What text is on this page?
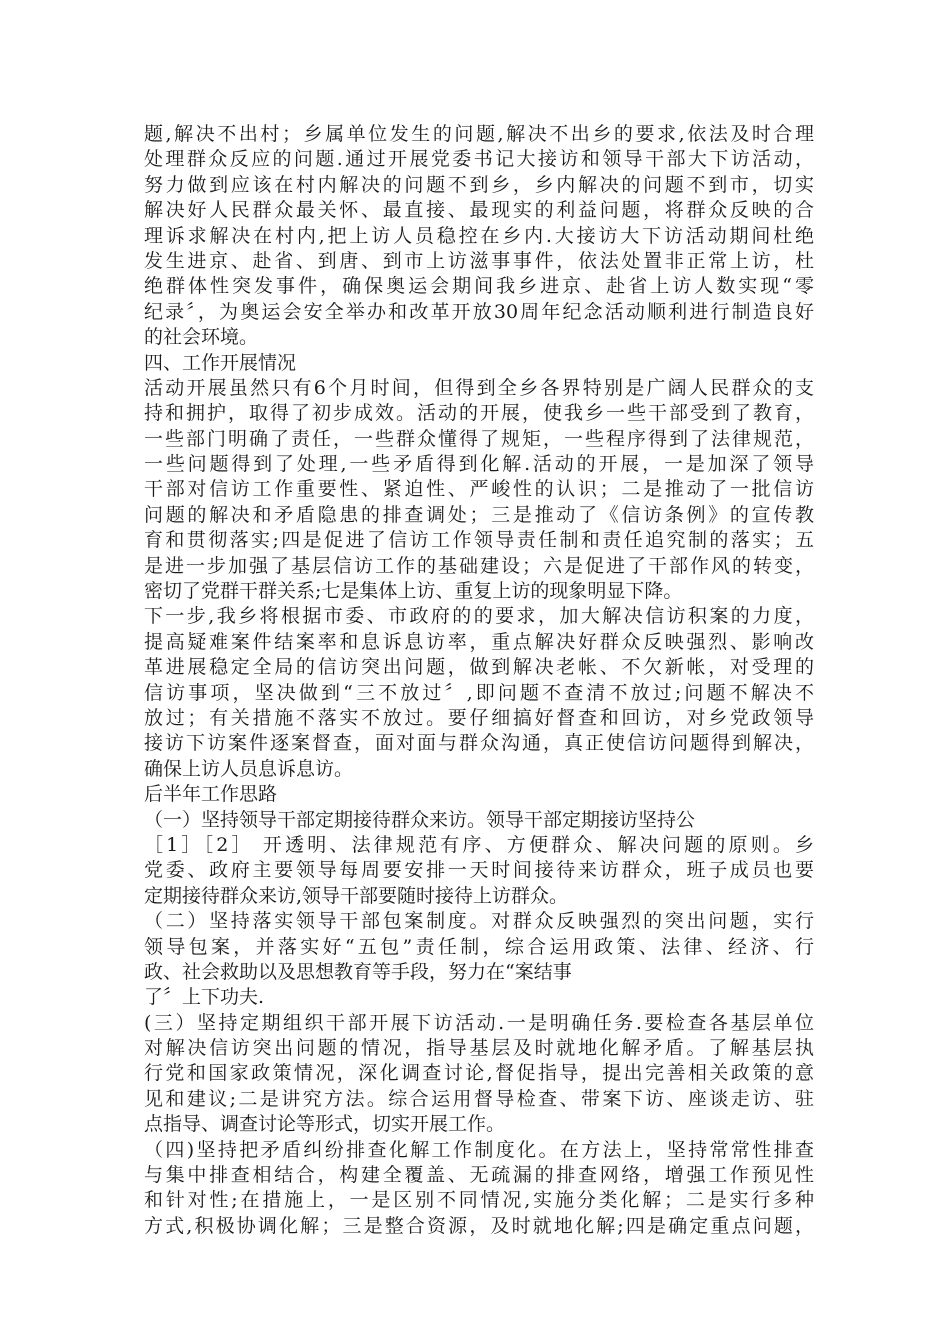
题,解决不出村；乡属单位发生的问题,解决不出乡的要求,依法及时合理
处理群众反应的问题.通过开展党委书记大接访和领导干部大下访活动，
努力做到应该在村内解决的问题不到乡，乡内解决的问题不到市，切实
解决好人民群众最关怀、最直接、最现实的利益问题，将群众反映的合
理诉求解决在村内,把上访人员稳控在乡内.大接访大下访活动期间杜绝
发生进京、赴省、到唐、到市上访滋事事件，依法处置非正常上访，杜
绝群体性突发事件，确保奥运会期间我乡进京、赴省上访人数实现“零
纪录〞，为奥运会安全举办和改革开放30周年纪念活动顺利进行制造良好
的社会环境。
四、工作开展情况
活动开展虽然只有6个月时间，但得到全乡各界特别是广阔人民群众的支
持和拥护，取得了初步成效。活动的开展，使我乡一些干部受到了教育，
一些部门明确了责任，一些群众懂得了规矩，一些程序得到了法律规范，
一些问题得到了处理,一些矛盾得到化解.活动的开展，一是加深了领导
干部对信访工作重要性、紧迫性、严峻性的认识；二是推动了一批信访
问题的解决和矛盾隐患的排查调处；三是推动了《信访条例》的宣传教
育和贯彻落实;四是促进了信访工作领导责任制和责任追究制的落实；五
是进一步加强了基层信访工作的基础建设；六是促进了干部作风的转变，
密切了党群干群关系;七是集体上访、重复上访的现象明显下降。
下一步,我乡将根据市委、市政府的的要求，加大解决信访积案的力度，
提高疑难案件结案率和息诉息访率，重点解决好群众反映强烈、影响改
革进展稳定全局的信访突出问题，做到解决老帐、不欠新帐，对受理的
信访事项，坚决做到“三不放过〞,即问题不查清不放过;问题不解决不
放过；有关措施不落实不放过。要仔细搞好督查和回访，对乡党政领导
接访下访案件逐案督查，面对面与群众沟通，真正使信访问题得到解决，
确保上访人员息诉息访。
后半年工作思路
（一）坚持领导干部定期接待群众来访。领导干部定期接访坚持公
［1］［2］ 开透明、法律规范有序、方便群众、解决问题的原则。乡
党委、政府主要领导每周要安排一天时间接待来访群众，班子成员也要
定期接待群众来访,领导干部要随时接待上访群众。
（二）坚持落实领导干部包案制度。对群众反映强烈的突出问题，实行
领导包案，并落实好“五包”责任制，综合运用政策、法律、经济、行
政、社会救助以及思想教育等手段，努力在“案结事
了〞上下功夫.
(三）坚持定期组织干部开展下访活动.一是明确任务.要检查各基层单位
对解决信访突出问题的情况，指导基层及时就地化解矛盾。了解基层执
行党和国家政策情况，深化调查讨论,督促指导，提出完善相关政策的意
见和建议;二是讲究方法。综合运用督导检查、带案下访、座谈走访、驻
点指导、调查讨论等形式，切实开展工作。
（四)坚持把矛盾纠纷排查化解工作制度化。在方法上，坚持常常性排查
与集中排查相结合，构建全覆盖、无疏漏的排查网络，增强工作预见性
和针对性;在措施上，一是区别不同情况,实施分类化解；二是实行多种
方式,积极协调化解；三是整合资源，及时就地化解;四是确定重点问题，
